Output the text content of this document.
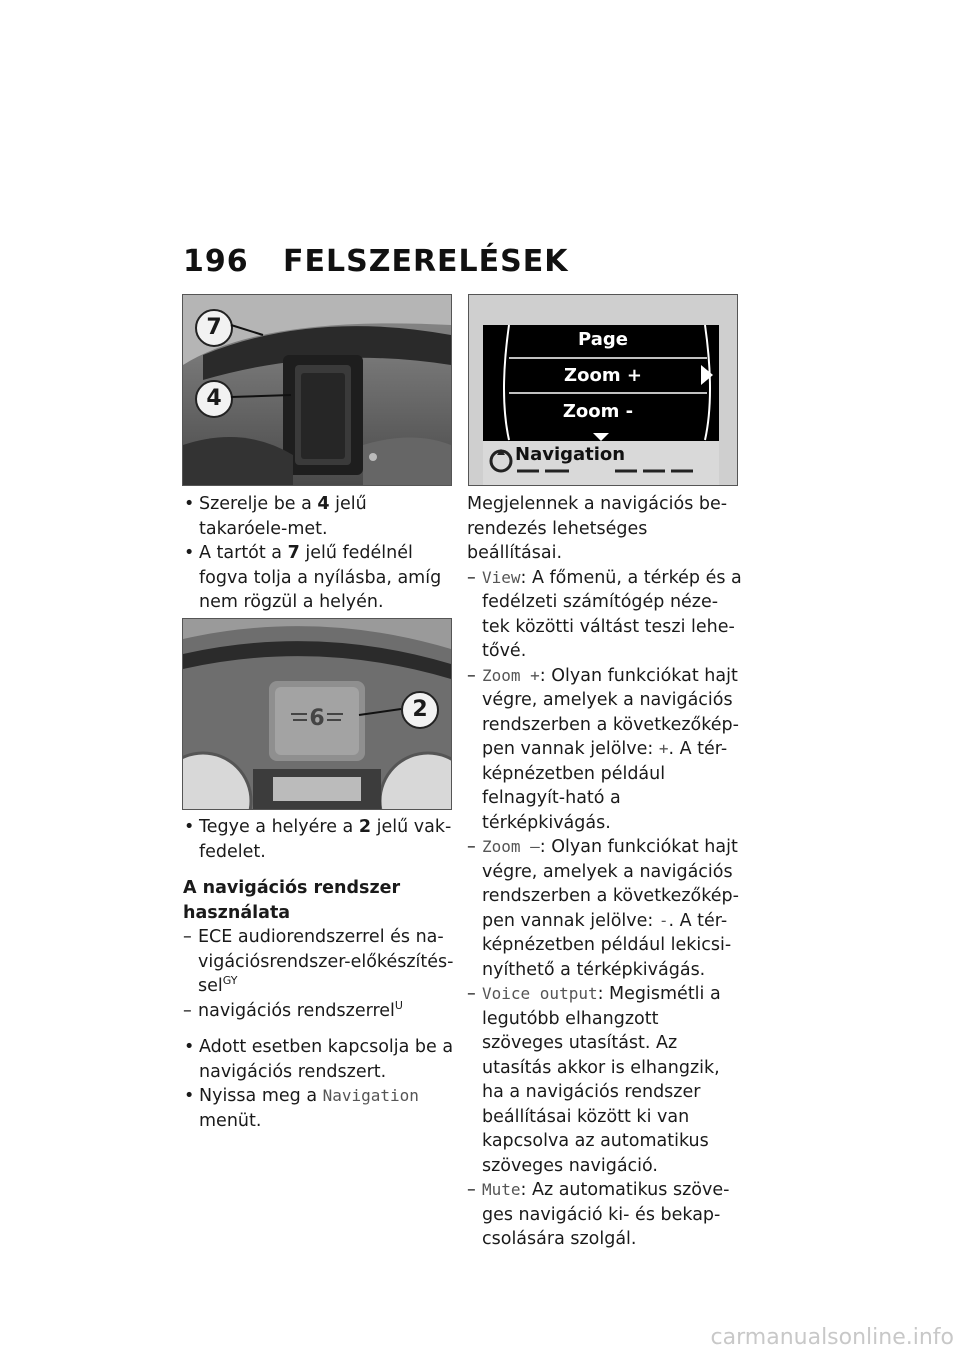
196 FELSZERELÉSEK
7
4
6	2
Page
Zoom +
Zoom -
Navigation

• Szerelje be a 4 jelű takaróele-met.

• A tartót a 7 jelű fedélnél fogva tolja a nyílásba, amíg nem rögzül a helyén.

• Tegye a helyére a 2 jelű vak-fedelet.

A navigációs rendszer használata

– ECE audiorendszerrel és na-vigációsrendszer-előkészítés-sel$^{GY}$

– navigációs rendszerrel$^U$

• Adott esetben kapcsolja be a navigációs rendszert.

• Nyissa meg a Navigation menüt.

Megjelennek a navigációs be-rendezés lehetséges beállításai.

– View: A főmenü, a térkép és a fedélzeti számítógép néze-tek közötti váltást teszi lehe-tővé.

– Zoom +: Olyan funkciókat hajt végre, amelyek a navigációs rendszerben a következőkép-pen vannak jelölve: +. A tér-képnézetben például felnagyít-ható a térképkivágás.

– Zoom –: Olyan funkciókat hajt végre, amelyek a navigációs rendszerben a következőkép-pen vannak jelölve: -. A tér-képnézetben például lekicsi-nyíthető a térképkivágás.

– Voice output: Megismétli a legutóbb elhangzott szöveges utasítást. Az utasítás akkor is elhangzik, ha a navigációs rendszer beállításai között ki van kapcsolva az automatikus szöveges navigáció.

– Mute: Az automatikus szöve-ges navigáció ki- és bekap-csolására szolgál.

carmanualsonline.info
